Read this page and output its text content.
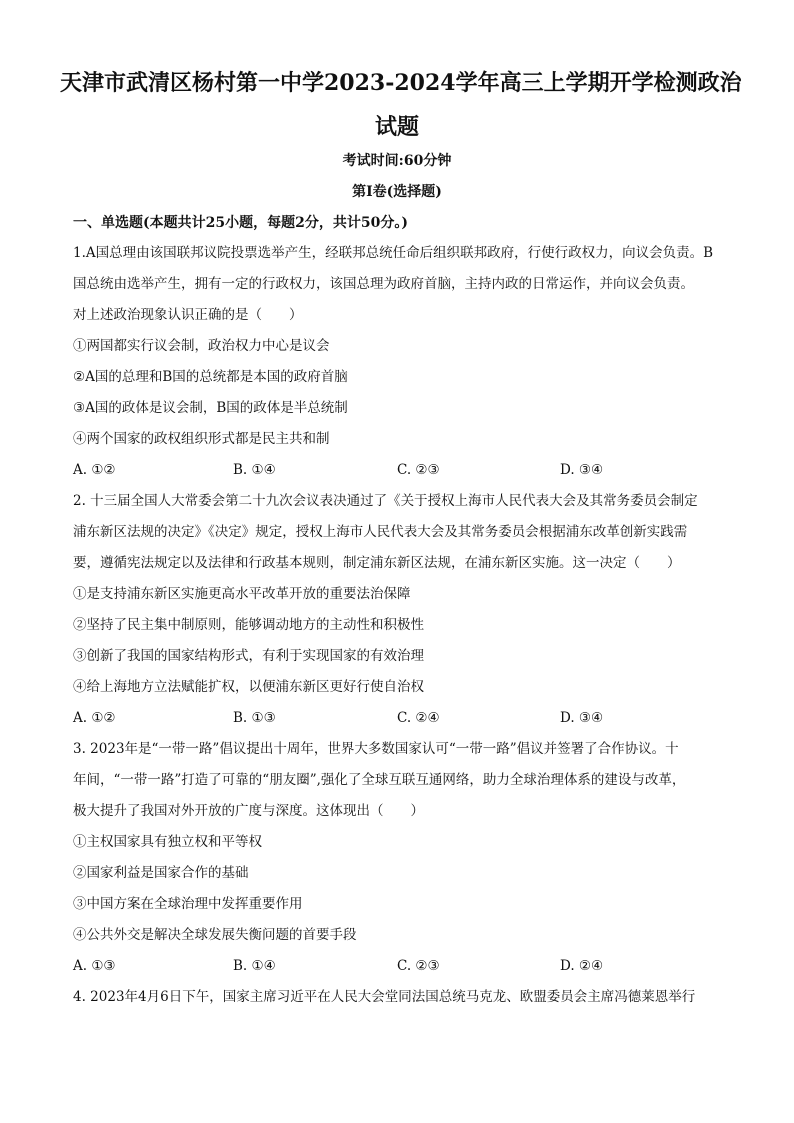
天津市武清区杨村第一中学2023-2024学年高三上学期开学检测政治
试题
考试时间:60分钟
第Ⅰ卷(选择题)
一、单选题(本题共计25小题，每题2分，共计50分。)
1.A国总理由该国联邦议院投票选举产生，经联邦总统任命后组织联邦政府，行使行政权力，向议会负责。B
国总统由选举产生，拥有一定的行政权力，该国总理为政府首脑，主持内政的日常运作，并向议会负责。
对上述政治现象认识正确的是（　　）
①两国都实行议会制，政治权力中心是议会
②A国的总理和B国的总统都是本国的政府首脑
③A国的政体是议会制，B国的政体是半总统制
④两个国家的政权组织形式都是民主共和制
A. ①②	B. ①④	C. ②③	D. ③④
2. 十三届全国人大常委会第二十九次会议表决通过了《关于授权上海市人民代表大会及其常务委员会制定
浦东新区法规的决定》《决定》规定，授权上海市人民代表大会及其常务委员会根据浦东改革创新实践需
要，遵循宪法规定以及法律和行政基本规则，制定浦东新区法规，在浦东新区实施。这一决定（　　）
①是支持浦东新区实施更高水平改革开放的重要法治保障
②坚持了民主集中制原则，能够调动地方的主动性和积极性
③创新了我国的国家结构形式，有利于实现国家的有效治理
④给上海地方立法赋能扩权，以便浦东新区更好行使自治权
A. ①②	B. ①③	C. ②④	D. ③④
3. 2023年是“一带一路”倡议提出十周年，世界大多数国家认可“一带一路”倡议并签署了合作协议。十
年间，“一带一路”打造了可靠的“朋友圈”,强化了全球互联互通网络，助力全球治理体系的建设与改革，
极大提升了我国对外开放的广度与深度。这体现出（　　）
①主权国家具有独立权和平等权
②国家利益是国家合作的基础
③中国方案在全球治理中发挥重要作用
④公共外交是解决全球发展失衡问题的首要手段
A. ①③	B. ①④	C. ②③	D. ②④
4. 2023年4月6日下午，国家主席习近平在人民大会堂同法国总统马克龙、欧盟委员会主席冯德莱恩举行
